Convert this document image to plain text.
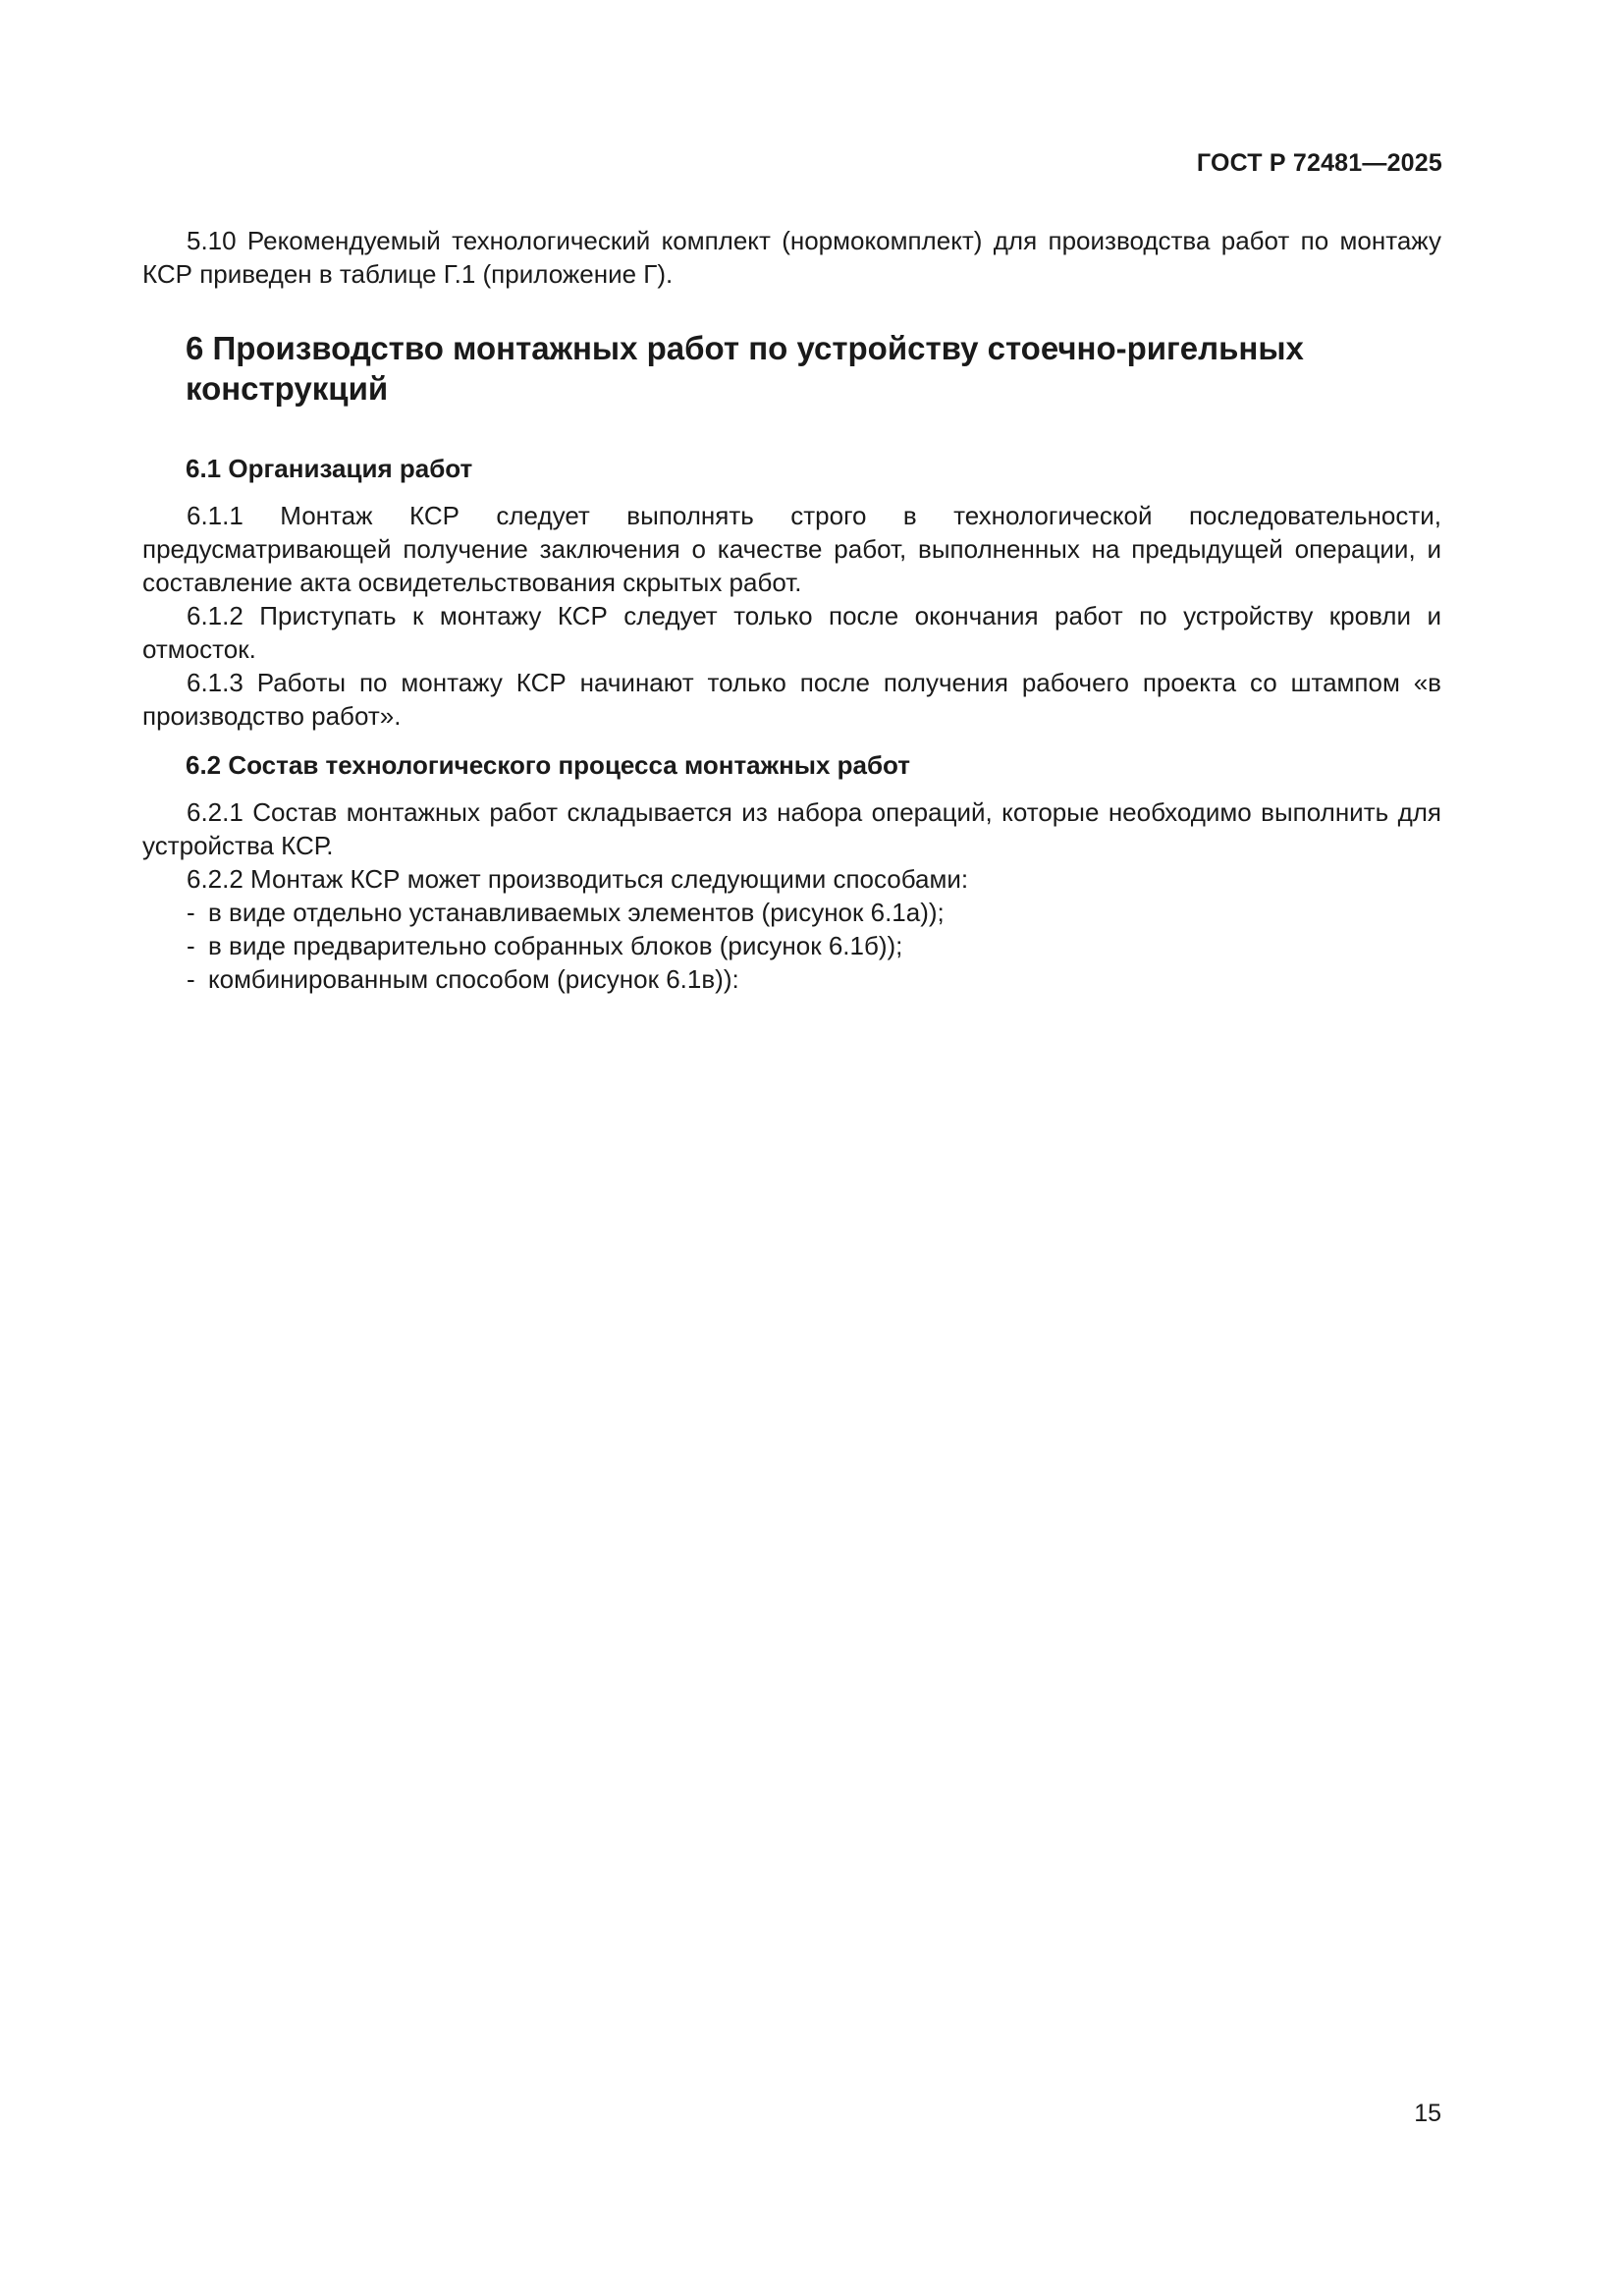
ГОСТ Р 72481—2025

5.10 Рекомендуемый технологический комплект (нормокомплект) для производства работ по монтажу КСР приведен в таблице Г.1 (приложение Г).

6 Производство монтажных работ по устройству стоечно-ригельных конструкций
6.1 Организация работ

6.1.1 Монтаж КСР следует выполнять строго в технологической последовательности, предусматривающей получение заключения о качестве работ, выполненных на предыдущей операции, и составление акта освидетельствования скрытых работ.

6.1.2 Приступать к монтажу КСР следует только после окончания работ по устройству кровли и отмосток.

6.1.3 Работы по монтажу КСР начинают только после получения рабочего проекта со штампом «в производство работ».

6.2 Состав технологического процесса монтажных работ

6.2.1 Состав монтажных работ складывается из набора операций, которые необходимо выполнить для устройства КСР.

6.2.2 Монтаж КСР может производиться следующими способами:

- в виде отдельно устанавливаемых элементов (рисунок 6.1а));
- в виде предварительно собранных блоков (рисунок 6.1б));
- комбинированным способом (рисунок 6.1в)):
15
